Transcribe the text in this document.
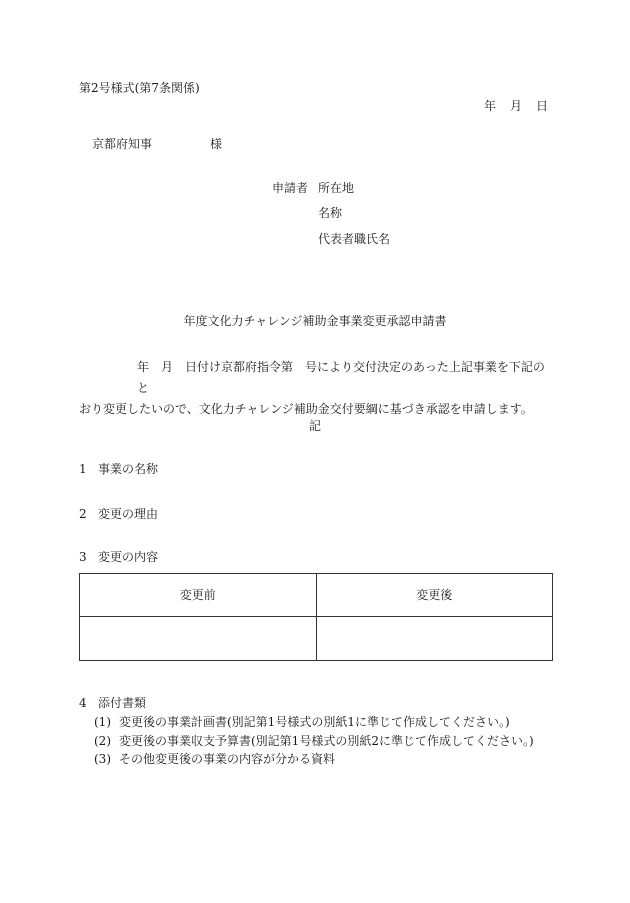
第2号様式(第7条関係)
年 月 日
京都府知事	様
申請者 所在地
名称
代表者職氏名
年度文化力チャレンジ補助金事業変更承認申請書
年　月　日付け京都府指令第　号により交付決定のあった上記事業を下記のと
おり変更したいので、文化力チャレンジ補助金交付要綱に基づき承認を申請します。
記
1 事業の名称
2 変更の理由
3 変更の内容
変更前	変更後

4 添付書類
(1) 変更後の事業計画書(別記第1号様式の別紙1に準じて作成してください。)
(2) 変更後の事業収支予算書(別記第1号様式の別紙2に準じて作成してください。)
(3) その他変更後の事業の内容が分かる資料
